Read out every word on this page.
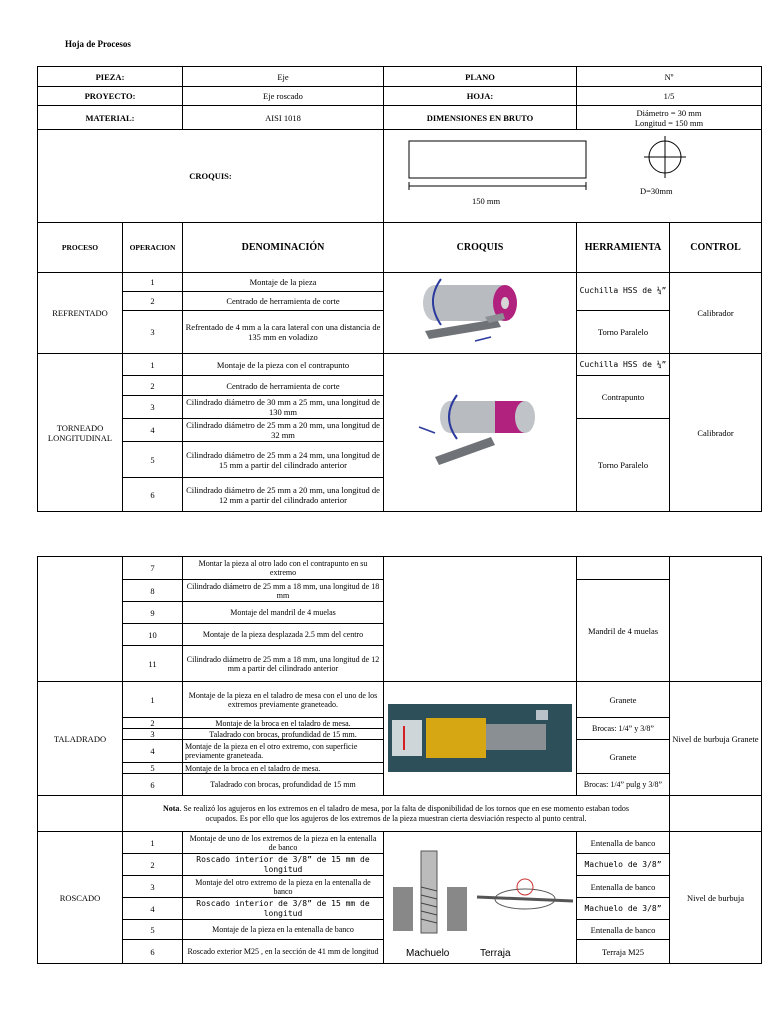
Hoja de Procesos
PIEZA:		Eje	PLANO	Nº	
PROYECTO:		Eje roscado	HOJA:	1/5	
MATERIAL:		AISI 1018	DIMENSIONES EN BRUTO	Diámetro = 30 mm
Longitud = 150 mm	

CROQUIS:			150 mm
D=30mm		

PROCESO	OPERACION	DENOMINACIÓN	CROQUIS	HERRAMIENTA	CONTROL
REFRENTADO	1	Montaje de la pieza		Cuchilla HSS de ¼”	Calibrador
	2	Centrado de herramienta de corte			
	3	Refrentado de 4 mm a la cara lateral con una distancia de 135 mm en voladizo		Torno Paralelo	
TORNEADO LONGITUDINAL	1	Montaje de la pieza con el contrapunto		Cuchilla HSS de ¼”	Calibrador
	2	Centrado de herramienta de corte		Contrapunto	
	3	Cilindrado diámetro de 30 mm a 25 mm, una longitud de 130 mm			
	4	Cilindrado diámetro de 25 mm a 20 mm, una longitud de 32 mm		Torno Paralelo	
	5	Cilindrado diámetro de 25 mm a 24 mm, una longitud de 15 mm a partir del cilindrado anterior			
	6	Cilindrado diámetro de 25 mm a 20 mm, una longitud de 12 mm a partir del cilindrado anterior			
	7	Montar la pieza al otro lado con el contrapunto en su extremo			
	8	Cilindrado diámetro de 25 mm a 18 mm, una longitud de 18 mm		Mandril de 4 muelas	
	9	Montaje del mandril de 4 muelas			
	10	Montaje de la pieza desplazada 2.5 mm del centro			
	11	Cilindrado diámetro de 25 mm a 18 mm, una longitud de 12 mm a partir del cilindrado anterior			
TALADRADO	1	Montaje de la pieza en el taladro de mesa con el uno de los extremos previamente graneteado.		Granete	Nivel de burbuja Granete
	2	Montaje de la broca en el taladro de mesa.		Brocas: 1/4” y 3/8”	
	3	Taladrado con brocas, profundidad de 15 mm.			
	4	Montaje de la pieza en el otro extremo, con superficie previamente graneteada.		Granete	
	5	Montaje de la broca en el taladro de mesa.			
	6	Taladrado con brocas, profundidad de 15 mm		Brocas: 1/4” pulg y 3/8”	
	Nota. Se realizó los agujeros en los extremos en el taladro de mesa, por la falta de disponibilidad de los tornos que en ese momento estaban todos ocupados. Es por ello que los agujeros de los extremos de la pieza muestran cierta desviación respecto al punto central.				
ROSCADO	1	Montaje de uno de los extremos de la pieza en la entenalla de banco	Machuelo Terraja	Entenalla de banco	Nivel de burbuja
	2	Roscado interior de 3/8” de 15 mm de longitud		Machuelo de 3/8”	
	3	Montaje del otro extremo de la pieza en la entenalla de banco		Entenalla de banco	
	4	Roscado interior de 3/8” de 15 mm de longitud		Machuelo de 3/8”	
	5	Montaje de la pieza en la entenalla de banco		Entenalla de banco	
	6	Roscado exterior M25 , en la sección de 41 mm de longitud		Terraja M25	
